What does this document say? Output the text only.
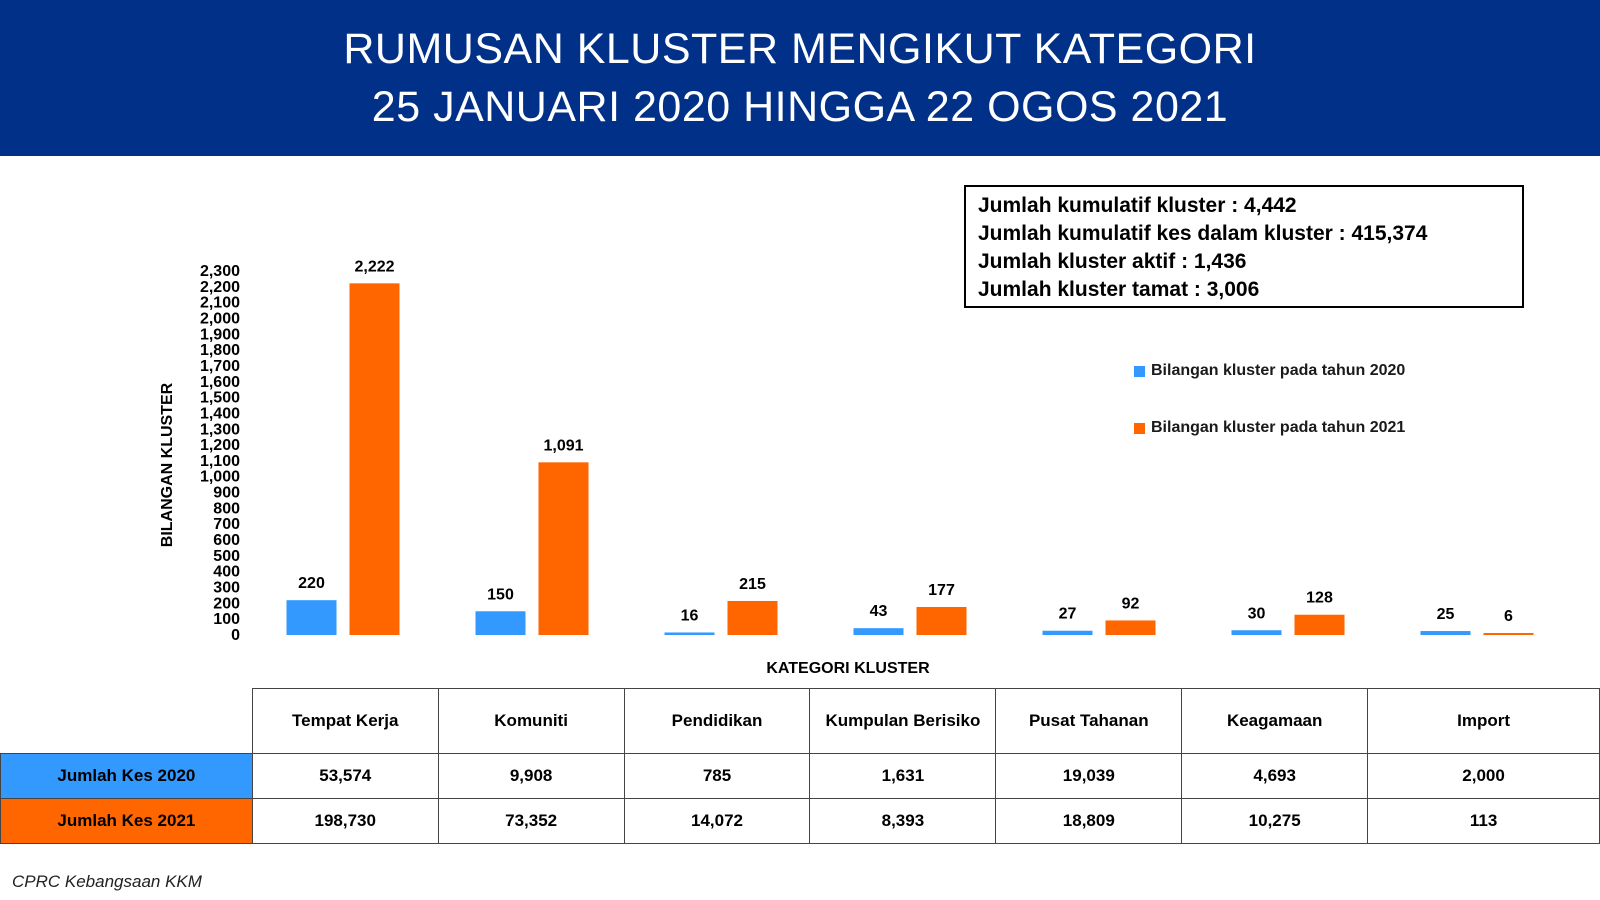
RUMUSAN KLUSTER MENGIKUT KATEGORI
25 JANUARI 2020 HINGGA 22 OGOS 2021
0
100
200
300
400
500
600
700
800
900
1,000
1,100
1,200
1,300
1,400
1,500
1,600
1,700
1,800
1,900
2,000
2,100
2,200
2,300
220
2,222
150
1,091
16
215
43
177
27
92
30
128
25	6
BILANGAN KLUSTER
KATEGORI KLUSTER
Jumlah kumulatif kluster : 4,442
Jumlah kumulatif kes dalam kluster : 415,374
Jumlah kluster aktif : 1,436
Jumlah kluster tamat : 3,006
Bilangan kluster pada tahun 2020
Bilangan kluster pada tahun 2021
	Tempat Kerja	Komuniti	Pendidikan	Kumpulan Berisiko	Pusat Tahanan	Keagamaan	Import
Jumlah Kes 2020	53,574	9,908	785	1,631	19,039	4,693	2,000
Jumlah Kes 2021	198,730	73,352	14,072	8,393	18,809	10,275	113
CPRC Kebangsaan KKM
